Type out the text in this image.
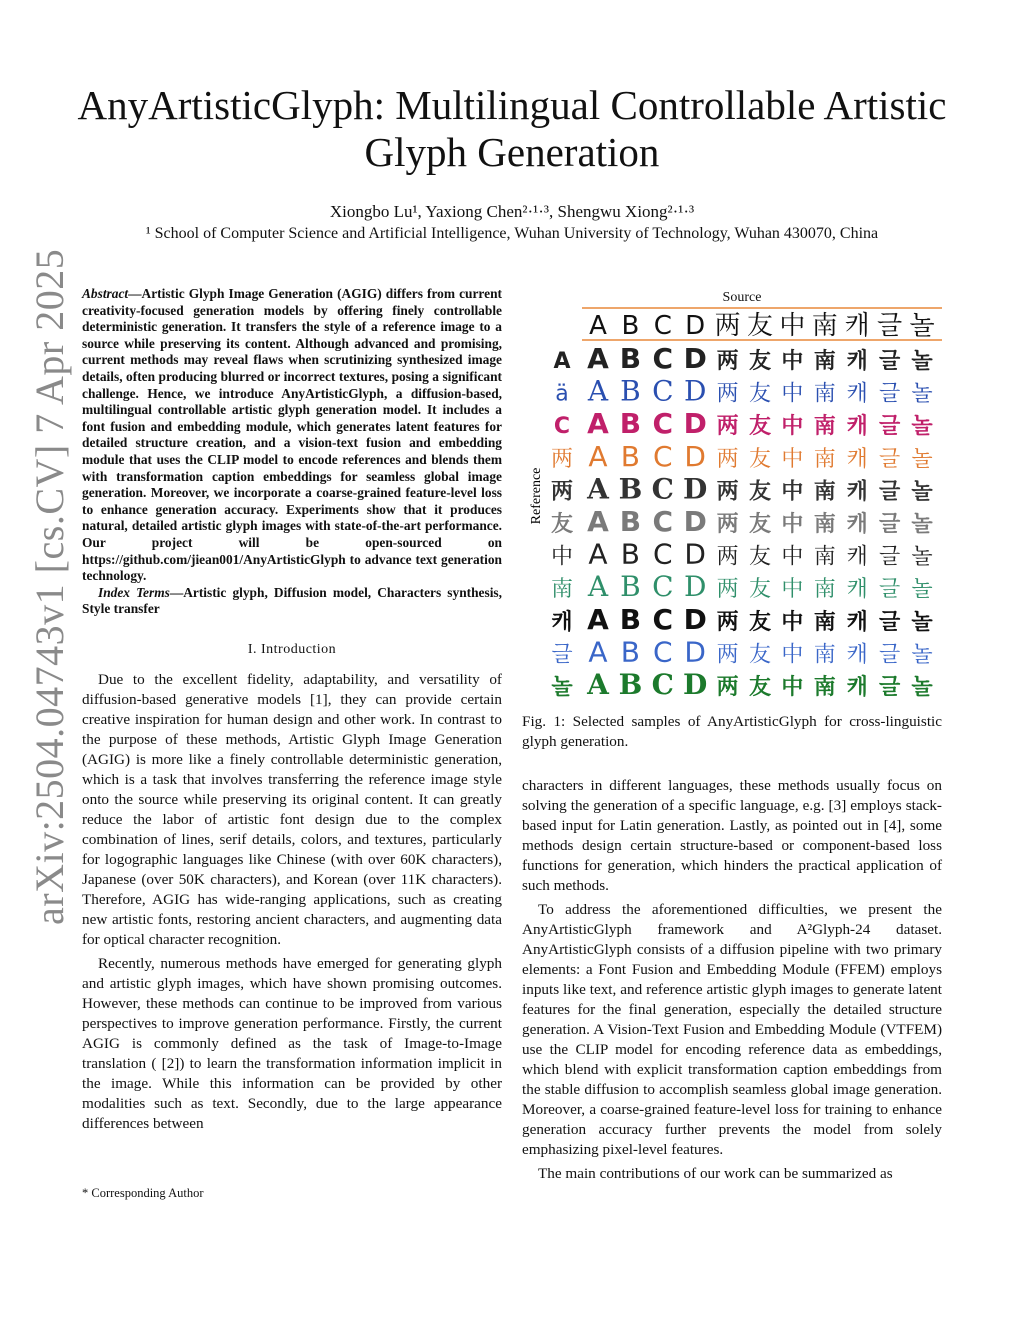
arXiv:2504.04743v1 [cs.CV] 7 Apr 2025
AnyArtisticGlyph: Multilingual Controllable Artistic Glyph Generation
Xiongbo Lu¹, Yaxiong Chen²·¹·³, Shengwu Xiong²·¹·³
¹ School of Computer Science and Artificial Intelligence, Wuhan University of Technology, Wuhan 430070, China
Abstract—Artistic Glyph Image Generation (AGIG) differs from current creativity-focused generation models by offering finely controllable deterministic generation. It transfers the style of a reference image to a source while preserving its content. Although advanced and promising, current methods may reveal flaws when scrutinizing synthesized image details, often producing blurred or incorrect textures, posing a significant challenge. Hence, we introduce AnyArtisticGlyph, a diffusion-based, multilingual controllable artistic glyph generation model. It includes a font fusion and embedding module, which generates latent features for detailed structure creation, and a vision-text fusion and embedding module that uses the CLIP model to encode references and blends them with transformation caption embeddings for seamless global image generation. Moreover, we incorporate a coarse-grained feature-level loss to enhance generation accuracy. Experiments show that it produces natural, detailed artistic glyph images with state-of-the-art performance. Our project will be open-sourced on https://github.com/jiean001/AnyArtisticGlyph to advance text generation technology.
Index Terms—Artistic glyph, Diffusion model, Characters synthesis, Style transfer
I. Introduction

Due to the excellent fidelity, adaptability, and versatility of diffusion-based generative models [1], they can provide certain creative inspiration for human design and other work. In contrast to the purpose of these methods, Artistic Glyph Image Generation (AGIG) is more like a finely controllable deterministic generation, which is a task that involves transferring the reference image style onto the source while preserving its original content. It can greatly reduce the labor of artistic font design due to the complex combination of lines, serif details, colors, and textures, particularly for logographic languages like Chinese (with over 60K characters), Japanese (over 50K characters), and Korean (over 11K characters). Therefore, AGIG has wide-ranging applications, such as creating new artistic fonts, restoring ancient characters, and augmenting data for optical character recognition.

Recently, numerous methods have emerged for generating glyph and artistic glyph images, which have shown promising outcomes. However, these methods can continue to be improved from various perspectives to improve generation performance. Firstly, the current AGIG is commonly defined as the task of Image-to-Image translation ( [2]) to learn the transformation information implicit in the image. While this information can be provided by other modalities such as text. Secondly, due to the large appearance differences between

* Corresponding Author
Source
Reference
A B C D 两 友 中 南 캐 글 놀
A A B C D 两 友 中 南 캐 글 놀
ä A B C D 两 友 中 南 캐 글 놀
C A B C D 两 友 中 南 캐 글 놀
两 A B C D 两 友 中 南 캐 글 놀
两 A B C D 两 友 中 南 캐 글 놀
友 A B C D 两 友 中 南 캐 글 놀
中 A B C D 两 友 中 南 캐 글 놀
南 A B C D 两 友 中 南 캐 글 놀
캐 A B C D 两 友 中 南 캐 글 놀
글 A B C D 两 友 中 南 캐 글 놀
놀 A B C D 两 友 中 南 캐 글 놀
Fig. 1: Selected samples of AnyArtisticGlyph for cross-linguistic glyph generation.

characters in different languages, these methods usually focus on solving the generation of a specific language, e.g. [3] employs stack-based input for Latin generation. Lastly, as pointed out in [4], some methods design certain structure-based or component-based loss functions for generation, which hinders the practical application of such methods.

To address the aforementioned difficulties, we present the AnyArtisticGlyph framework and A²Glyph-24 dataset. AnyArtisticGlyph consists of a diffusion pipeline with two primary elements: a Font Fusion and Embedding Module (FFEM) employs inputs like text, and reference artistic glyph images to generate latent features for the final generation, especially the detailed structure generation. A Vision-Text Fusion and Embedding Module (VTFEM) use the CLIP model for encoding reference data as embeddings, which blend with explicit transformation caption embeddings from the stable diffusion to accomplish seamless global image generation. Moreover, a coarse-grained feature-level loss for training to enhance generation accuracy further prevents the model from solely emphasizing pixel-level features.

The main contributions of our work can be summarized as
